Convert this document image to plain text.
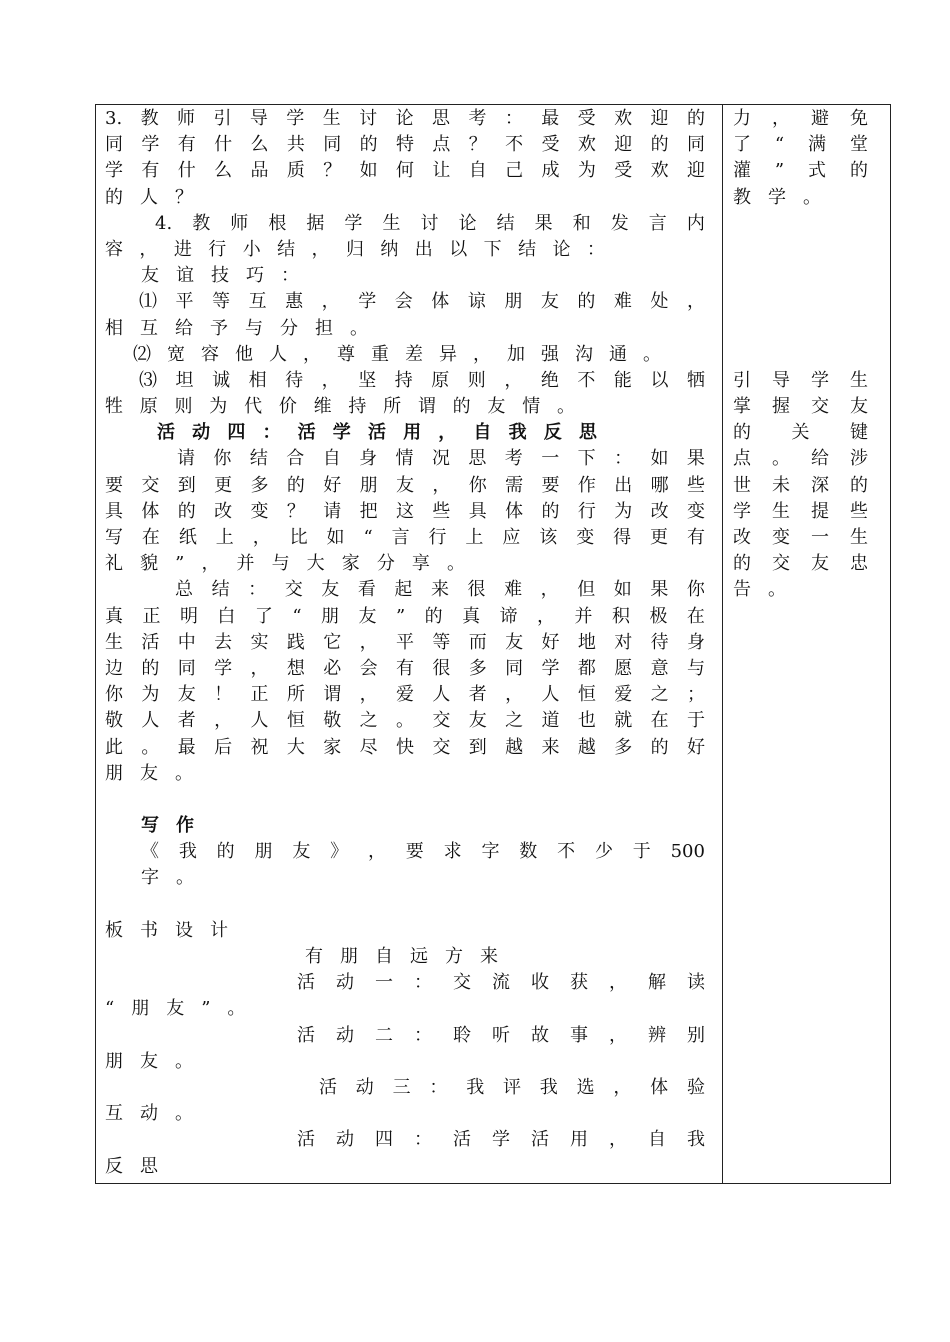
3. 教 师 引 导 学 生 讨 论 思 考 ： 最 受 欢 迎 的
同 学 有 什 么 共 同 的 特 点 ？ 不 受 欢 迎 的 同
学 有 什 么 品 质 ？ 如 何 让 自 己 成 为 受 欢 迎
的 人 ？
4. 教 师 根 据 学 生 讨 论 结 果 和 发 言 内
容 ， 进 行 小 结 ， 归 纳 出 以 下 结 论 ：
友 谊 技 巧 ：
⑴ 平 等 互 惠 ， 学 会 体 谅 朋 友 的 难 处 ，
相 互 给 予 与 分 担 。
⑵ 宽 容 他 人 ， 尊 重 差 异 ， 加 强 沟 通 。
⑶ 坦 诚 相 待 ， 坚 持 原 则 ， 绝 不 能 以 牺
牲 原 则 为 代 价 维 持 所 谓 的 友 情 。
活 动 四 ： 活 学 活 用 ， 自 我 反 思
请 你 结 合 自 身 情 况 思 考 一 下 ： 如 果
要 交 到 更 多 的 好 朋 友 ， 你 需 要 作 出 哪 些
具 体 的 改 变 ？ 请 把 这 些 具 体 的 行 为 改 变
写 在 纸 上 ， 比 如 “ 言 行 上 应 该 变 得 更 有
礼 貌 ” ， 并 与 大 家 分 享 。
总 结 ： 交 友 看 起 来 很 难 ， 但 如 果 你
真 正 明 白 了 “ 朋 友 ” 的 真 谛 ， 并 积 极 在
生 活 中 去 实 践 它 ， 平 等 而 友 好 地 对 待 身
边 的 同 学 ， 想 必 会 有 很 多 同 学 都 愿 意 与
你 为 友 ！ 正 所 谓 ， 爱 人 者 ， 人 恒 爱 之 ；
敬 人 者 ， 人 恒 敬 之 。 交 友 之 道 也 就 在 于
此 。 最 后 祝 大 家 尽 快 交 到 越 来 越 多 的 好
朋 友 。
写 作
《 我 的 朋 友 》 ， 要 求 字 数 不 少 于 500
字 。
板 书 设 计
有 朋 自 远 方 来
活 动 一 ： 交 流 收 获 ， 解 读
“ 朋 友 ” 。
活 动 二 ： 聆 听 故 事 ， 辨 别
朋 友 。
活 动 三 ： 我 评 我 选 ， 体 验
互 动 。
活 动 四 ： 活 学 活 用 ， 自 我
反 思
力 ， 避 免
了 “ 满 堂
灌 ” 式 的
教 学 。
引 导 学 生
掌 握 交 友
的 关 键
点 。 给 涉
世 未 深 的
学 生 提 些
改 变 一 生
的 交 友 忠
告 。
